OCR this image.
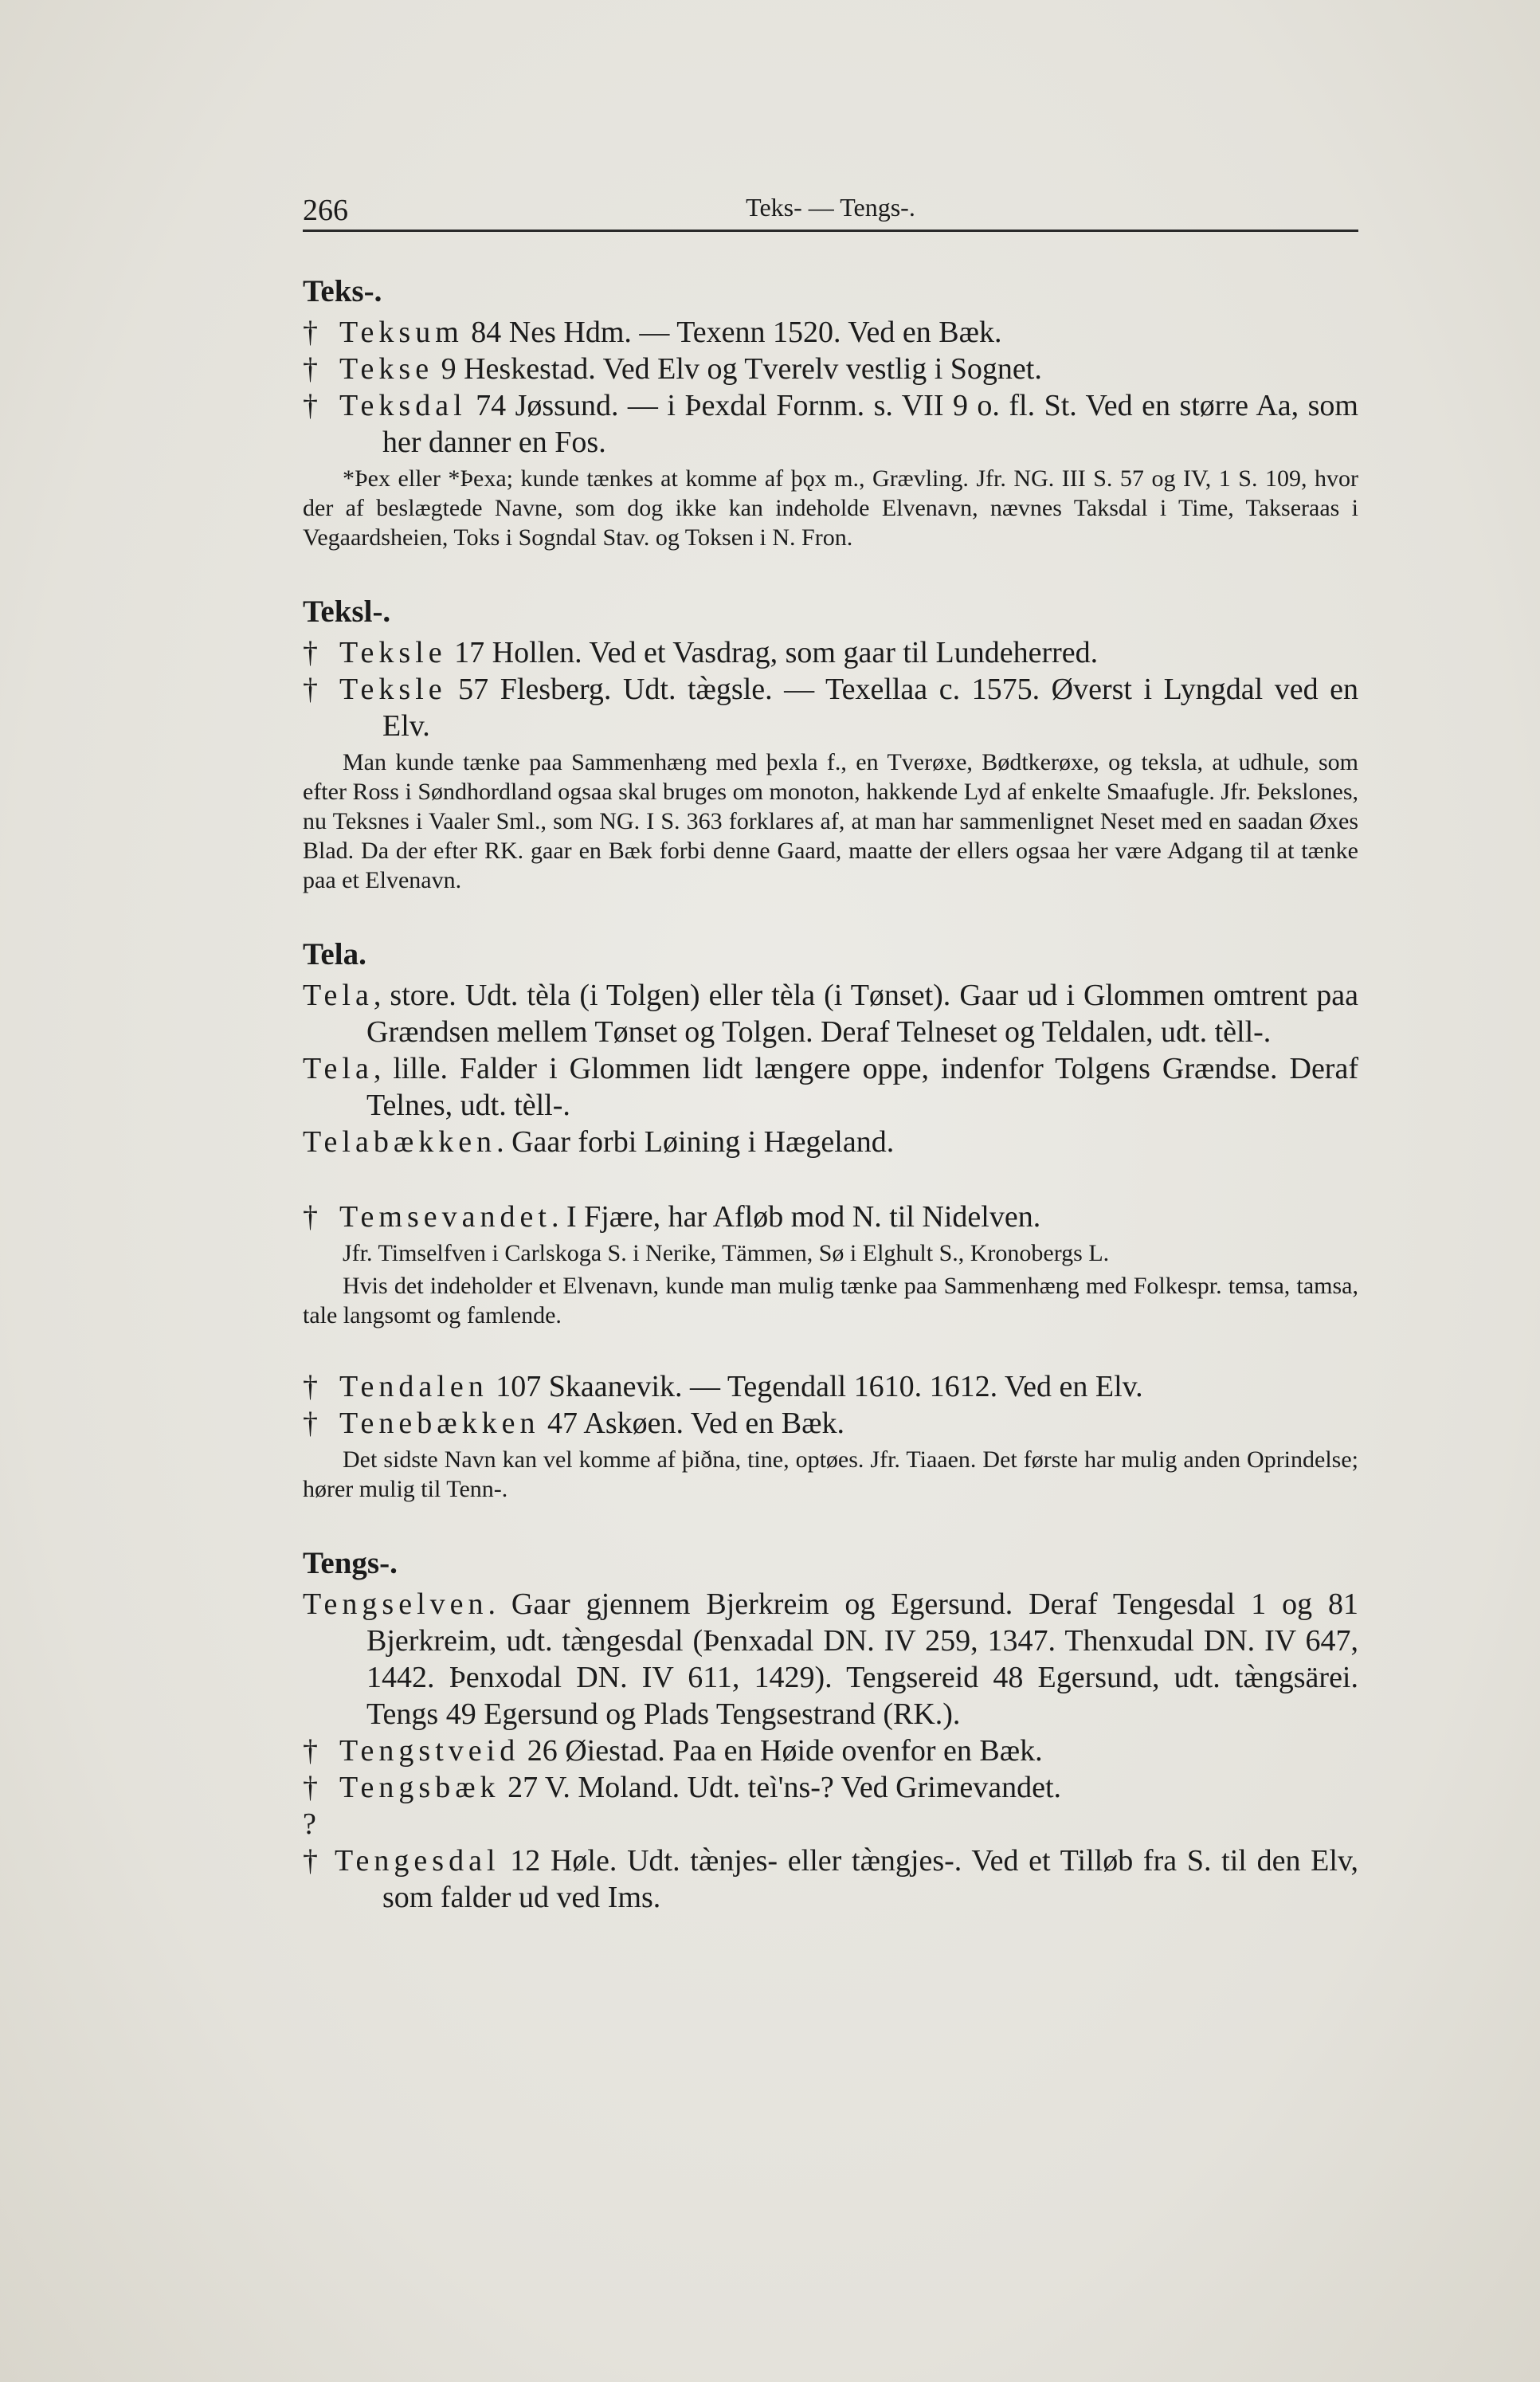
266	Teks- — Tengs-.
Teks-.
† Teksum 84 Nes Hdm. — Texenn 1520. Ved en Bæk.
† Tekse 9 Heskestad. Ved Elv og Tverelv vestlig i Sognet.
† Teksdal 74 Jøssund. — i Þexdal Fornm. s. VII 9 o. fl. St. Ved en større Aa, som her danner en Fos.

*Þex eller *Þexa; kunde tænkes at komme af þǫx m., Grævling. Jfr. NG. III S. 57 og IV, 1 S. 109, hvor der af beslægtede Navne, som dog ikke kan indeholde Elvenavn, nævnes Taksdal i Time, Takseraas i Vegaardsheien, Toks i Sogndal Stav. og Toksen i N. Fron.

Teksl-.
† Teksle 17 Hollen. Ved et Vasdrag, som gaar til Lundeherred.
† Teksle 57 Flesberg. Udt. tæ̀gsle. — Texellaa c. 1575. Øverst i Lyngdal ved en Elv.

Man kunde tænke paa Sammenhæng med þexla f., en Tverøxe, Bødtkerøxe, og teksla, at udhule, som efter Ross i Søndhordland ogsaa skal bruges om monoton, hakkende Lyd af enkelte Smaafugle. Jfr. Þekslones, nu Teksnes i Vaaler Sml., som NG. I S. 363 forklares af, at man har sammenlignet Neset med en saadan Øxes Blad. Da der efter RK. gaar en Bæk forbi denne Gaard, maatte der ellers ogsaa her være Adgang til at tænke paa et Elvenavn.

Tela.
Tela, store. Udt. tèla (i Tolgen) eller tèla (i Tønset). Gaar ud i Glommen omtrent paa Grændsen mellem Tønset og Tolgen. Deraf Telneset og Teldalen, udt. tèll-.
Tela, lille. Falder i Glommen lidt længere oppe, indenfor Tolgens Grændse. Deraf Telnes, udt. tèll-.
Telabækken. Gaar forbi Løining i Hægeland.
† Temsevandet. I Fjære, har Afløb mod N. til Nidelven.

Jfr. Timselfven i Carlskoga S. i Nerike, Tämmen, Sø i Elghult S., Kronobergs L.

Hvis det indeholder et Elvenavn, kunde man mulig tænke paa Sammenhæng med Folkespr. temsa, tamsa, tale langsomt og famlende.

† Tendalen 107 Skaanevik. — Tegendall 1610. 1612. Ved en Elv.
† Tenebækken 47 Askøen. Ved en Bæk.

Det sidste Navn kan vel komme af þiðna, tine, optøes. Jfr. Tiaaen. Det første har mulig anden Oprindelse; hører mulig til Tenn-.

Tengs-.
Tengselven. Gaar gjennem Bjerkreim og Egersund. Deraf Tengesdal 1 og 81 Bjerkreim, udt. tæ̀ngesdal (Þenxadal DN. IV 259, 1347. Thenxudal DN. IV 647, 1442. Þenxodal DN. IV 611, 1429). Tengsereid 48 Egersund, udt. tæ̀ngsärei. Tengs 49 Egersund og Plads Tengsestrand (RK.).
† Tengstveid 26 Øiestad. Paa en Høide ovenfor en Bæk.
† Tengsbæk 27 V. Moland. Udt. teì'ns-? Ved Grimevandet.
? † Tengesdal 12 Høle. Udt. tæ̀njes- eller tæ̀ngjes-. Ved et Tilløb fra S. til den Elv, som falder ud ved Ims.
